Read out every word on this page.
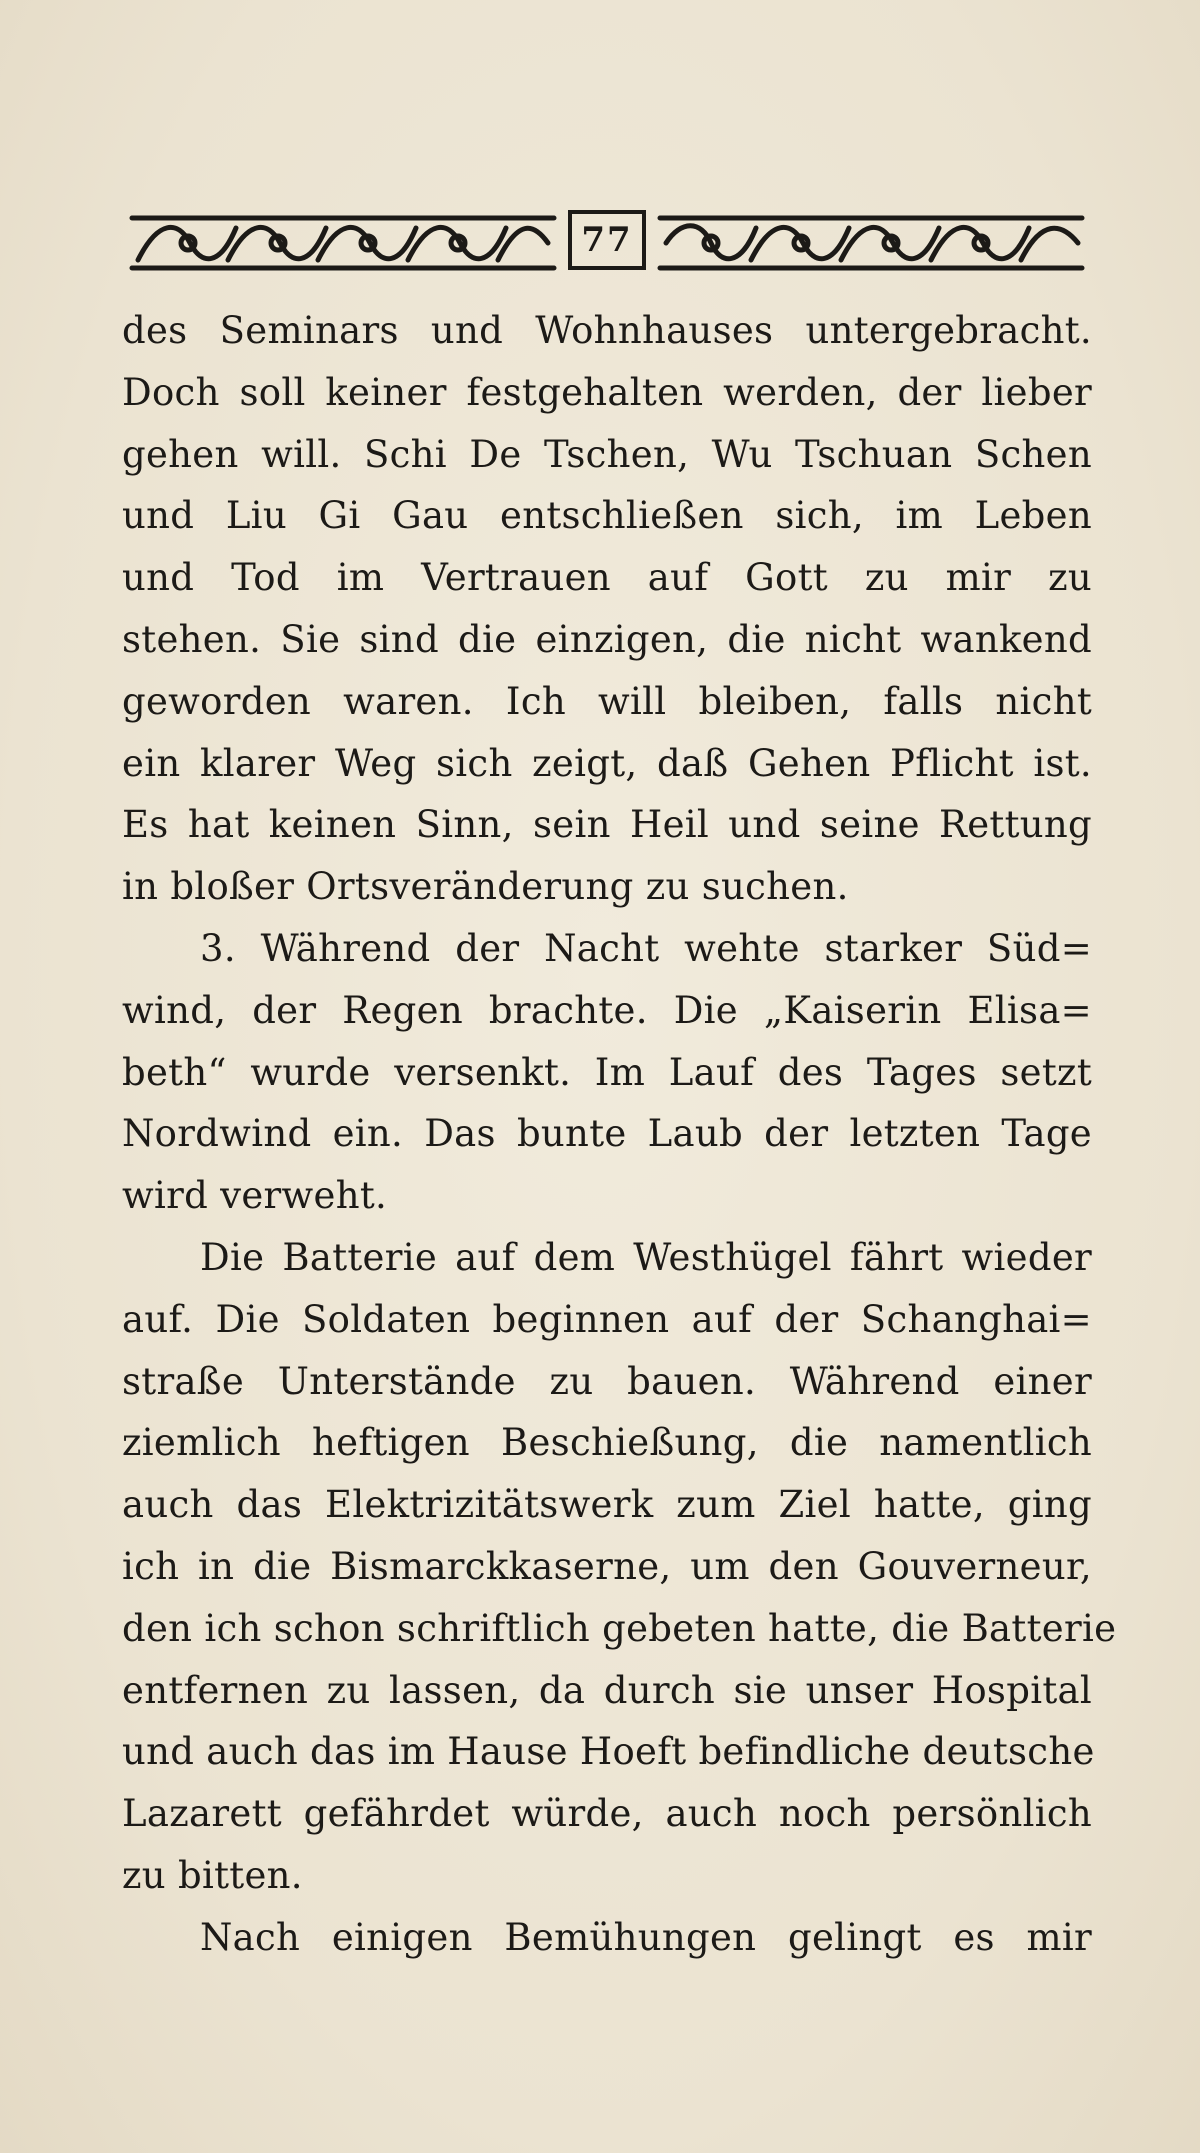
77
des Seminars und Wohnhauses untergebracht.
Doch soll keiner festgehalten werden, der lieber
gehen will. Schi De Tschen, Wu Tschuan Schen
und Liu Gi Gau entschließen sich, im Leben
und Tod im Vertrauen auf Gott zu mir zu
stehen. Sie sind die einzigen, die nicht wankend
geworden waren. Ich will bleiben, falls nicht
ein klarer Weg sich zeigt, daß Gehen Pflicht ist.
Es hat keinen Sinn, sein Heil und seine Rettung
in bloßer Ortsveränderung zu suchen.
3. Während der Nacht wehte starker Süd=
wind, der Regen brachte. Die „Kaiserin Elisa=
beth“ wurde versenkt. Im Lauf des Tages setzt
Nordwind ein. Das bunte Laub der letzten Tage
wird verweht.
Die Batterie auf dem Westhügel fährt wieder
auf. Die Soldaten beginnen auf der Schanghai=
straße Unterstände zu bauen. Während einer
ziemlich heftigen Beschießung, die namentlich
auch das Elektrizitätswerk zum Ziel hatte, ging
ich in die Bismarckkaserne, um den Gouverneur,
den ich schon schriftlich gebeten hatte, die Batterie
entfernen zu lassen, da durch sie unser Hospital
und auch das im Hause Hoeft befindliche deutsche
Lazarett gefährdet würde, auch noch persönlich
zu bitten.
Nach einigen Bemühungen gelingt es mir
